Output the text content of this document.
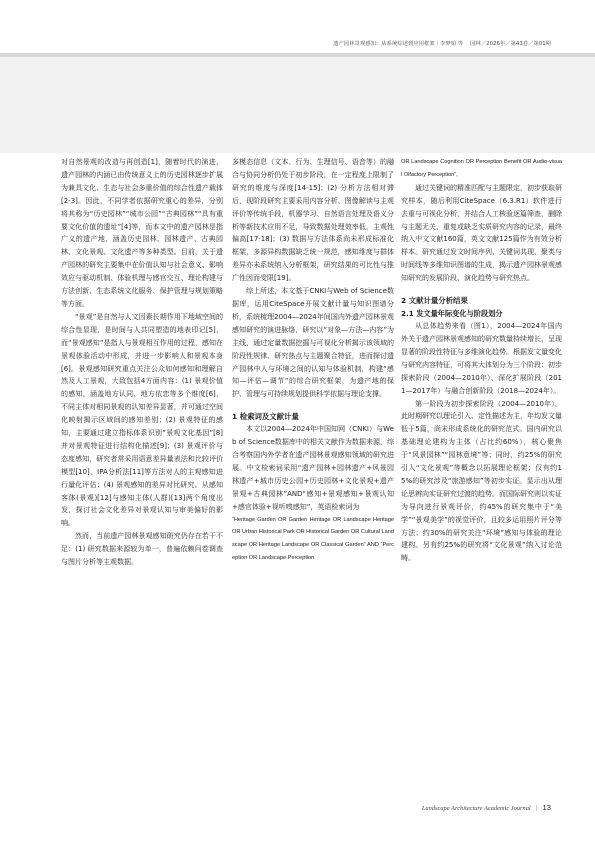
遗产园林景观感知：从系统综述到应用框架｜李梦娟 等 园林／2026年／第43卷／第01期

对自然景观的改造与再创造[1]，随着时代的演进，遗产园林的内涵已由传统意义上的历史园林逐步扩展为兼具文化、生态与社会多重价值的综合性遗产载体[2-3]。因此，不同学者依据研究重心的差异，分别将其称为“历史园林”“城市公园”“古典园林”“具有重要文化价值的遗址”[4]等，而本文中的遗产园林是指广义的遗产地，涵盖历史园林、园林遗产、古典园林、文化景观、文化遗产等多种类型。目前，关于遗产园林的研究主要集中在价值认知与社会意义、影响效应与驱动机制、体验机理与感官交互、理论构建与方法创新、生态系统文化服务、保护管理与规划策略等方面。

“景观”是自然与人文因素长期作用下地域空间的综合性显现，是时间与人共同塑造的地表印记[5]，而“景观感知”是指人与景观相互作用的过程，感知在景观体验活动中形成，并进一步影响人和景观本身[6]。景观感知研究重点关注公众如何感知和理解自然及人工景观，大致包括4方面内容：(1) 景观价值的感知，涵盖地方认同、地方依恋等多个维度[6]，不同主体对相同景观的认知差异显著，并可通过空间化映射揭示区域间的感知差别；(2) 景观特征的感知，主要通过建立指标体系识别“景观文化基因”[8]并对景观特征进行结构化描述[9]；(3) 景观评价与态度感知，研究者常采用语意差异量表法和比较评价模型[10]，IPA分析法[11]等方法对人的主观感知进行量化评估；(4) 景观感知的差异对比研究。从感知客体(景观)[12]与感知主体(人群)[13]两个角度出发，探讨社会文化差异对景观认知与审美偏好的影响。

然而，当前遗产园林景观感知研究仍存在若干不足：(1) 研究数据来源较为单一，普遍依赖问卷调查与图片分析等主观数据。

多模态信息（文本、行为、生理信号、语音等）的融合与协同分析仍处于初步阶段，在一定程度上限制了研究的维度与深度[14-15]；(2) 分析方法相对滞后，现阶段研究主要采用内容分析、图像解读与主观评价等传统手段，机器学习、自然语言处理及语义分析等新技术应用不足，导致数据处理效率低，主观性偏高[17-18]；(3) 数据与方法体系尚未形成标准化框架，多源异构数据缺乏统一规范，感知维度与群体差异亦未系统纳入分析框架，研究结果的可比性与推广性因而受限[19]。

综上所述，本文基于CNKI与Web of Science数据库，运用CiteSpace开展文献计量与知识图谱分析，系统梳理2004—2024年间国内外遗产园林景观感知研究的演进脉络，研究以“对象—方法—内容”为主线，通过定量数据挖掘与可视化分析揭示该领域的阶段性规律、研究热点与主题聚合特征，进而探讨遗产园林中人与环境之间的认知与体验机制，构建“感知—评估—调节”的综合研究框架，为遗产地的保护、管理与可持续规划提供科学依据与理论支撑。

1 检索词及文献计量

本文以2004—2024年中国知网（CNKI）与Web of Science数据库中的相关文献作为数据来源，综合考察国内外学者在遗产园林景观感知领域的研究进展。中文检索词采用“遗产园林+园林遗产+风景园林遗产+城市历史公园+历史园林+文化景观+遗产景观+古典园林”AND“感知+景观感知+景观认知+感官体验+视听嗅感知”，英语检索词为

“Heritage Garden OR Garden Heritage OR Landscape Heritage OR Urban Historical Park OR Historical Garden OR Cultural Landscape OR Heritage Landscape OR Classical Garden” AND “Perception OR Landscape Perception

OR Landscape Cognition OR Perception Benefit OR Audio-visual Olfactory Perception”。

通过关键词的精准匹配与主题限定，初步获取研究样本，随后利用CiteSpace（6.3.R1）软件进行去重与可视化分析，并结合人工核验逐篇筛查，删除与主题无关、重复或缺乏实质研究内容的记录，最终纳入中文文献160篇，英文文献125篇作为有效分析样本。研究通过发文时间序列、关键词共现、聚类与时间线等多维知识图谱的生成，揭示遗产园林景观感知研究的发展阶段、演化趋势与研究热点。

2 文献计量分析结果

2.1 发文量年际变化与阶段划分

从总体趋势来看（图1），2004—2024年国内外关于遗产园林景观感知的研究数量持续增长，呈现显著的阶段性特征与多维演化趋势。根据发文量变化与研究内容特征，可将其大体划分为三个阶段：初步探索阶段（2004—2010年）、深化扩展阶段（2011—2017年）与融合创新阶段（2018—2024年）。

第一阶段为初步探索阶段（2004—2010年）。此时期研究以理论引入、定性描述为主，年均发文量低于5篇，尚未形成系统化的研究范式。国内研究以基础理论建构为主体（占比约60%），核心聚焦于“风景园林”“园林意境”等；同时，约25%的研究引入“文化景观”等概念以拓展理论框架；仅有约15%的研究涉及“旅游感知”等初步实证。显示出从理论思辨向实证研究过渡的趋势。而国际研究则以实证为导向进行景观评价，约45%的研究集中于“美学”“景观美学”的视觉评价，且较多运用照片评分等方法；约30%的研究关注“环境”感知与体验的理论建构。另有约25%的研究将“文化景观”纳入讨论范畴。

Landscape Architecture Academic Journal | 13
